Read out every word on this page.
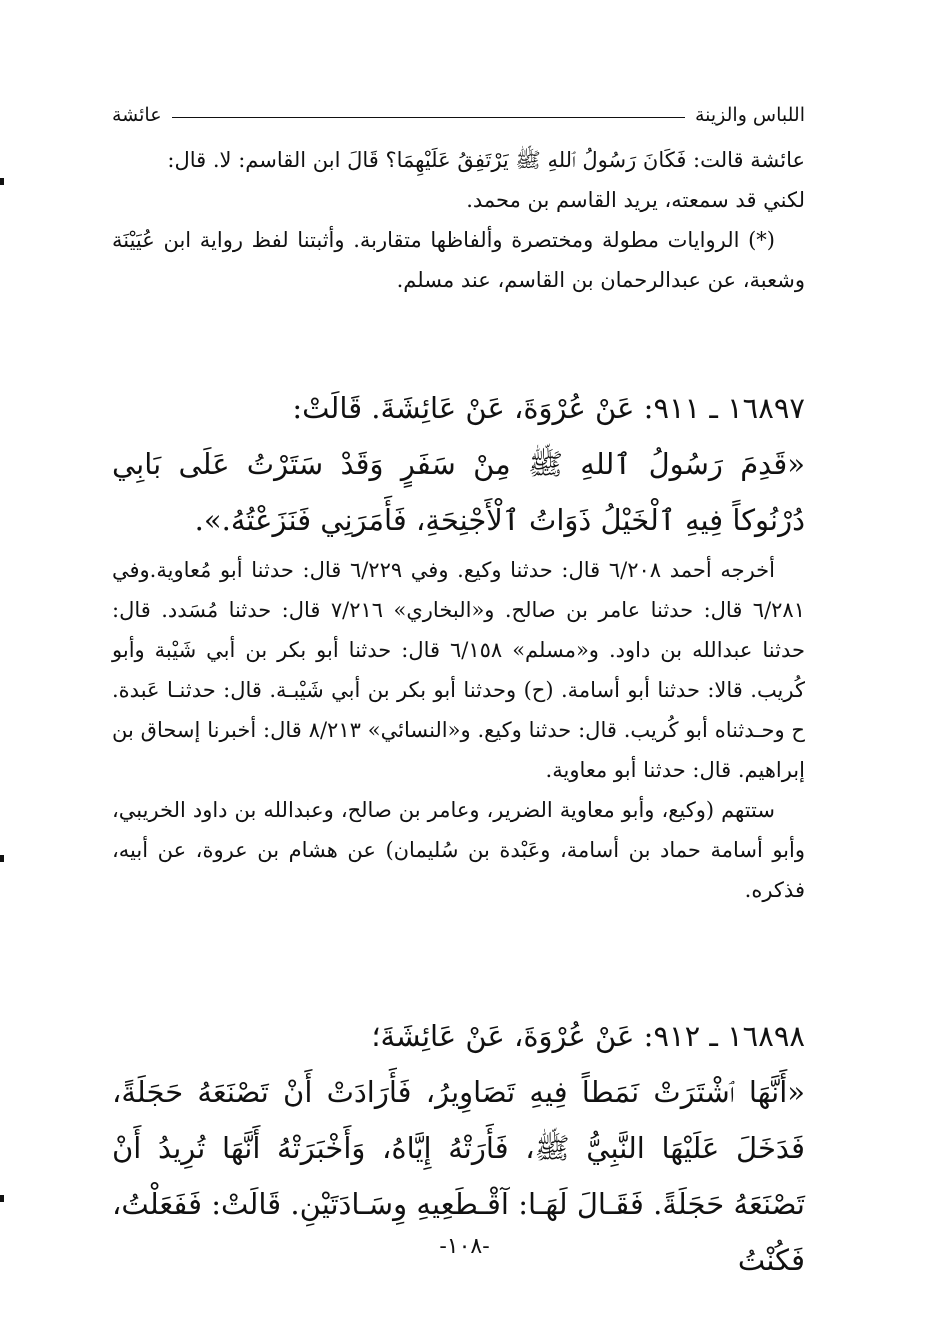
اللباس والزينة
عائشة

عائشة قالت: فَكَانَ رَسُولُ ٱللهِ ﷺ يَرْتَفِقُ عَلَيْهِمَا؟ قَالَ ابن القاسم: لا. قال:

لكني قد سمعته، يريد القاسم بن محمد.

(*) الروايات مطولة ومختصرة وألفاظها متقاربة. وأثبتنا لفظ رواية ابن عُيَيْنَة وشعبة، عن عبدالرحمان بن القاسم، عند مسلم.

١٦٨٩٧ ـ ٩١١: عَنْ عُرْوَةَ، عَنْ عَائِشَةَ. قَالَتْ:

«قَدِمَ رَسُولُ ٱللهِ ﷺ مِنْ سَفَرٍ وَقَدْ سَتَرْتُ عَلَى بَابِي دُرْنُوكاً فِيهِ ٱلْخَيْلُ ذَوَاتُ ٱلْأَجْنِحَةِ، فَأَمَرَنِي فَنَزَعْتُهُ.».

أخرجه أحمد ٦/٢٠٨ قال: حدثنا وكيع. وفي ٦/٢٢٩ قال: حدثنا أبو مُعاوية.وفي ٦/٢٨١ قال: حدثنا عامر بن صالح. و«البخاري» ٧/٢١٦ قال: حدثنا مُسَدد. قال: حدثنا عبدالله بن داود. و«مسلم» ٦/١٥٨ قال: حدثنا أبو بكر بن أبي شَيْبة وأبو كُريب. قالا: حدثنا أبو أسامة. (ح) وحدثنا أبو بكر بن أبي شَيْبـة. قال: حدثنـا عَبدة. ح وحـدثناه أبو كُريب. قال: حدثنا وكيع. و«النسائي» ٨/٢١٣ قال: أخبرنا إسحاق بن إبراهيم. قال: حدثنا أبو معاوية.

ستتهم (وكيع، وأبو معاوية الضرير، وعامر بن صالح، وعبدالله بن داود الخريبي، وأبو أسامة حماد بن أسامة، وعَبْدة بن سُليمان) عن هشام بن عروة، عن أبيه، فذكره.

١٦٨٩٨ ـ ٩١٢: عَنْ عُرْوَةَ، عَنْ عَائِشَةَ؛

«أَنَّهَا ٱشْتَرَتْ نَمَطاً فِيهِ تَصَاوِيرُ، فَأَرَادَتْ أَنْ تَصْنَعَهُ حَجَلَةً، فَدَخَلَ عَلَيْهَا النَّبِيُّ ﷺ، فَأَرَتْهُ إِيَّاهُ، وَأَخْبَرَتْهُ أَنَّهَا تُرِيدُ أَنْ تَصْنَعَهُ حَجَلَةً. فَقَـالَ لَهَـا: آقْـطَعِيهِ وِسَـادَتَيْنِ. قَالَتْ: فَفَعَلْتُ، فَكُنْتُ

-١٠٨-
